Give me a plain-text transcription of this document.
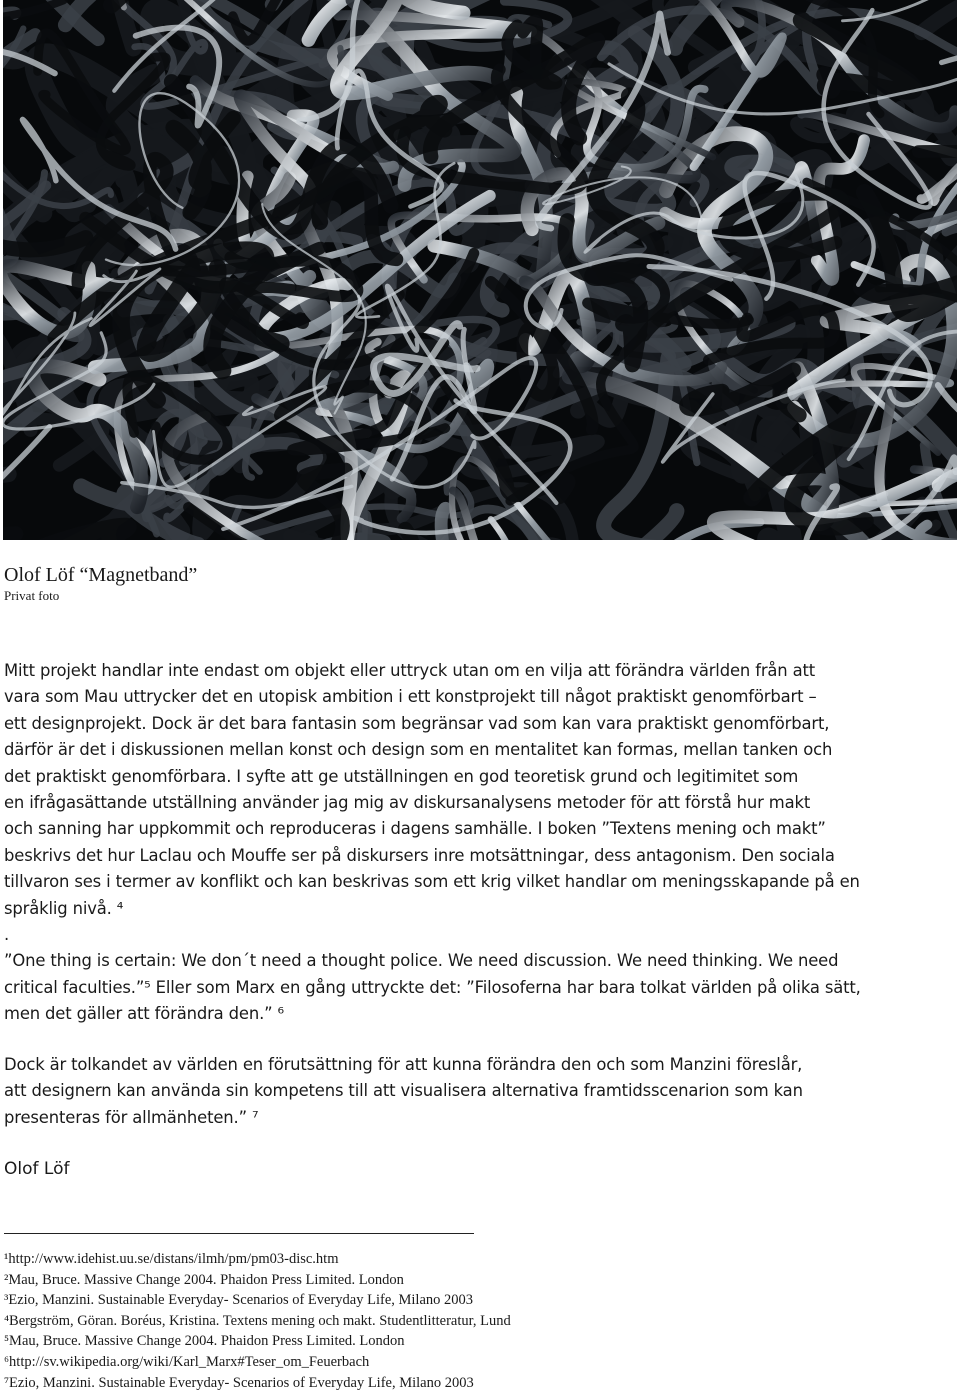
Olof Löf “Magnetband”
Privat foto

Mitt projekt handlar inte endast om objekt eller uttryck utan om en vilja att förändra världen från att
vara som Mau uttrycker det en utopisk ambition i ett konstprojekt till något praktiskt genomförbart –
ett designprojekt. Dock är det bara fantasin som begränsar vad som kan vara praktiskt genomförbart,
därför är det i diskussionen mellan konst och design som en mentalitet kan formas, mellan tanken och
det praktiskt genomförbara. I syfte att ge utställningen en god teoretisk grund och legitimitet som
en ifrågasättande utställning använder jag mig av diskursanalysens metoder för att förstå hur makt
och sanning har uppkommit och reproduceras i dagens samhälle. I boken ”Textens mening och makt”
beskrivs det hur Laclau och Mouffe ser på diskursers inre motsättningar, dess antagonism. Den sociala
tillvaron ses i termer av konflikt och kan beskrivas som ett krig vilket handlar om meningsskapande på en
språklig nivå. ⁴
.
”One thing is certain: We don´t need a thought police. We need discussion. We need thinking. We need
critical faculties.”⁵ Eller som Marx en gång uttryckte det: ”Filosoferna har bara tolkat världen på olika sätt,
men det gäller att förändra den.” ⁶

Dock är tolkandet av världen en förutsättning för att kunna förändra den och som Manzini föreslår,
att designern kan använda sin kompetens till att visualisera alternativa framtidsscenarion som kan
presenteras för allmänheten.” ⁷

Olof Löf
¹http://www.idehist.uu.se/distans/ilmh/pm/pm03-disc.htm
²Mau, Bruce. Massive Change 2004. Phaidon Press Limited. London
³Ezio, Manzini. Sustainable Everyday- Scenarios of Everyday Life, Milano 2003
⁴Bergström, Göran. Boréus, Kristina. Textens mening och makt. Studentlitteratur, Lund
⁵Mau, Bruce. Massive Change 2004. Phaidon Press Limited. London
⁶http://sv.wikipedia.org/wiki/Karl_Marx#Teser_om_Feuerbach
⁷Ezio, Manzini. Sustainable Everyday- Scenarios of Everyday Life, Milano 2003
